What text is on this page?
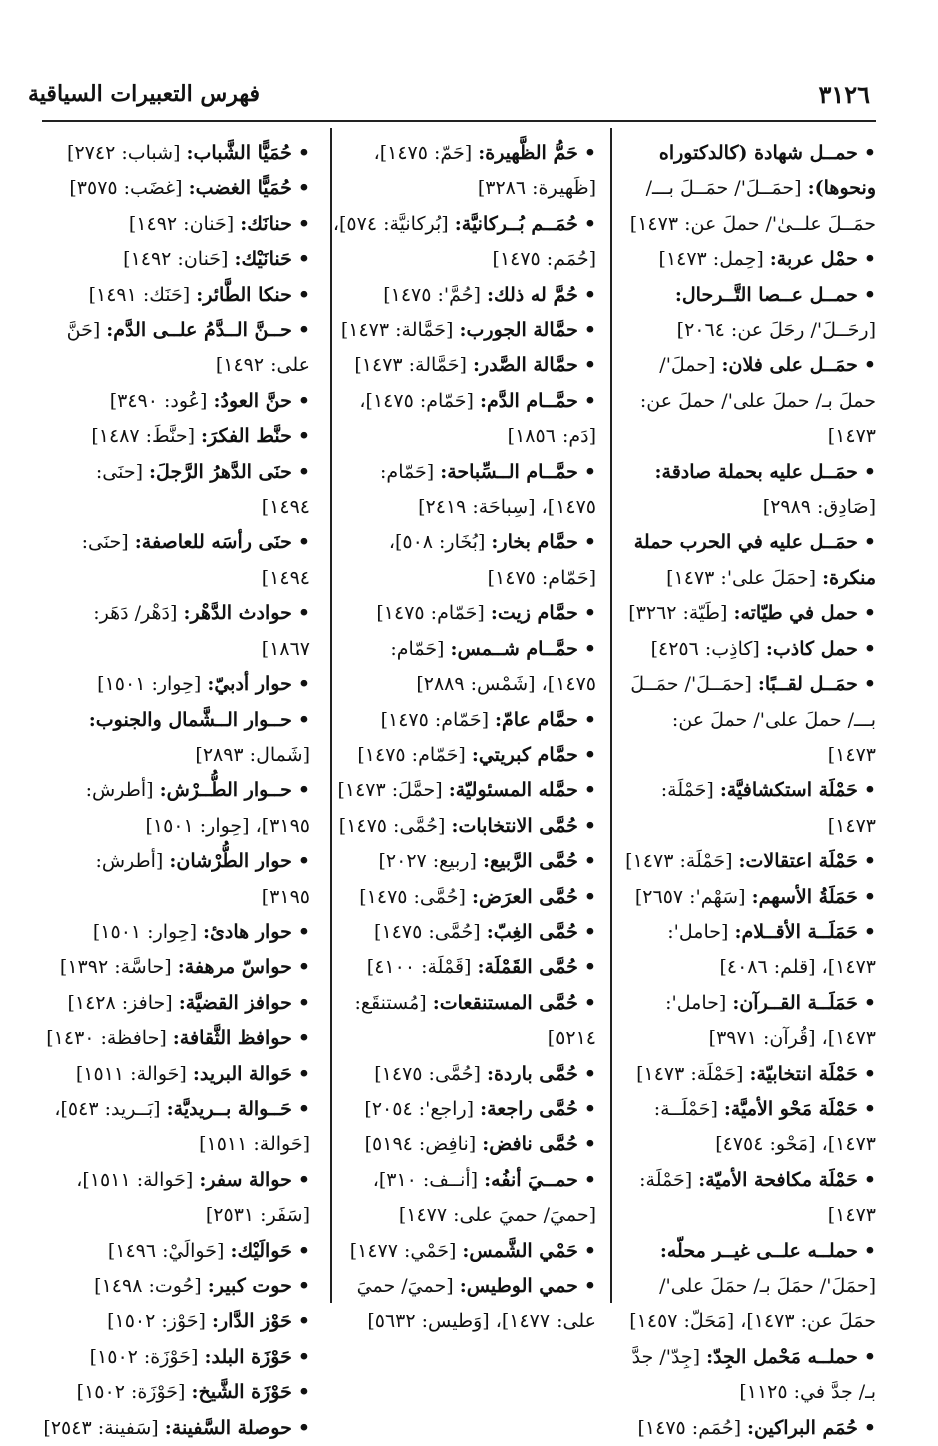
فهرس التعبيرات السياقية	٣١٢٦

•حمــل شهادة (كالدكتوراه ونحوها): [حمَــلَ'/ حمَــلَ بـــ/ حمَــلَ علــىٰ'/ حملَ عن: ١٤٧٣]

•حمْل عربة: [حِمل: ١٤٧٣]

•حمــل عــصا التَّــرحال: [رحَــلَ'/ رحَلَ عن: ٢٠٦٤]

•حمَــل على فلان: [حملَ'/ حملَ بـ/ حملَ على'/ حملَ عن: ١٤٧٣]

•حمَــل عليه بحملة صادقة: [صَادِق: ٢٩٨٩]

•حمَــل عليه في الحرب حملة منكرة: [حمَلَ على': ١٤٧٣]

•حمل في طيّاته: [طَيّة: ٣٢٦٢]

•حمل كاذب: [كاذِب: ٤٢٥٦]

•حمَــل لقــبًا: [حمَــلَ'/ حمَــلَ بـــ/ حملَ على'/ حملَ عن: ١٤٧٣]

•حَمْلَة استكشافيَّة: [حَمْلَة: ١٤٧٣]

•حَمْلَة اعتقالات: [حَمْلَة: ١٤٧٣]

•حَمَلَةُ الأسهم: [سَهْم': ٢٦٥٧]

•حَمَلَــة الأقــلام: [حامل': ١٤٧٣]، [قلم: ٤٠٨٦]

•حَمَلَــة القــرآن: [حامل': ١٤٧٣]، [قُرآن: ٣٩٧١]

•حَمْلَة انتخابيّة: [حَمْلَة: ١٤٧٣]

•حَمْلَة مَحْو الأميَّة: [حَمْلَــة: ١٤٧٣]، [مَحْو: ٤٧٥٤]

•حَمْلَة مكافحة الأميّة: [حَمْلَة: ١٤٧٣]

•حملــه علــى غيــر محلّه: [حمَلَ'/ حمَلَ بـ/ حمَلَ على'/ حمَلَ عن: ١٤٧٣]، [مَحَلّ: ١٤٥٧]

•حملــه مَحْمل الجِدّ: [جِدّ'/ جدَّ بـ/ جدَّ في: ١١٢٥]

•حُمَم البراكين: [حُمَم: ١٤٧٥]

•حَمُّ الظَّهيرة: [حَمّ: ١٤٧٥]، [ظَهيرة: ٣٢٨٦]

•حُمَــم بُــركانيَّة: [بُركانيَّة: ٥٧٤]، [حُمَم: ١٤٧٥]

•حُمَّ له ذلك: [حُمَّ': ١٤٧٥]

•حمَّالة الجورب: [حَمَّالة: ١٤٧٣]

•حمَّالة الصَّدر: [حَمَّالة: ١٤٧٣]

•حمَّــام الدَّم: [حَمّام: ١٤٧٥]، [دَم: ١٨٥٦]

•حمَّــام الــسِّباحة: [حَمّام: ١٤٧٥]، [سِباحَة: ٢٤١٩]

•حمَّام بخار: [بُخَار: ٥٠٨]، [حَمّام: ١٤٧٥]

•حمَّام زيت: [حَمّام: ١٤٧٥]

•حمَّــام شــمس: [حَمّام: ١٤٧٥]، [شَمْس: ٢٨٨٩]

•حمَّام عامّ: [حَمّام: ١٤٧٥]

•حمَّام كبريتي: [حَمّام: ١٤٧٥]

•حمَّله المسئوليّة: [حمَّلَ: ١٤٧٣]

•حُمَّى الانتخابات: [حُمَّى: ١٤٧٥]

•حُمَّى الرَّبيع: [ربيع: ٢٠٢٧]

•حُمَّى العرَض: [حُمَّى: ١٤٧٥]

•حُمَّى الغِبّ: [حُمَّى: ١٤٧٥]

•حُمَّى القَمْلَة: [قَمْلَة: ٤١٠٠]

•حُمَّى المستنقعات: [مُستنقَع: ٥٢١٤]

•حُمَّى باردة: [حُمَّى: ١٤٧٥]

•حُمَّى راجعة: [راجع': ٢٠٥٤]

•حُمَّى نافض: [نافِض: ٥١٩٤]

•حمــيَ أنفُه: [أنــف: ٣١٠]، [حميَ/ حميَ على: ١٤٧٧]

•حَمْي الشَّمس: [حَمْي: ١٤٧٧]

•حمي الوطيس: [حميَ/ حميَ على: ١٤٧٧]، [وَطيس: ٥٦٣٢]

•حُمَيًّا الشَّباب: [شباب: ٢٧٤٢]

•حُمَيًّا الغضب: [غضَب: ٣٥٧٥]

•حنانَك: [حَنان: ١٤٩٢]

•حَنانَيْك: [حَنان: ١٤٩٢]

•حنكا الطَّائر: [حَنَك: ١٤٩١]

•حــنَّ الــدَّمُ علــى الدَّم: [حَنَّ على: ١٤٩٢]

•حنَّ العودُ: [عُود: ٣٤٩٠]

•حنَّط الفكرَ: [حنَّطَ: ١٤٨٧]

•حنَى الدَّهرُ الرَّجلَ: [حنَى: ١٤٩٤]

•حنَى رأسَه للعاصفة: [حنَى: ١٤٩٤]

•حوادث الدَّهْر: [دَهْر/ دَهَر: ١٨٦٧]

•حوار أدبيّ: [حِوار: ١٥٠١]

•حــوار الــشَّمال والجنوب: [شَمال: ٢٨٩٣]

•حــوار الطُّــرْش: [أطرش: ٣١٩٥]، [حِوار: ١٥٠١]

•حوار الطُّرْشان: [أطرش: ٣١٩٥]

•حوار هادئ: [حِوار: ١٥٠١]

•حواسّ مرهفة: [حاسَّة: ١٣٩٢]

•حوافز القضيَّة: [حافز: ١٤٢٨]

•حوافظ الثَّقافة: [حافظة: ١٤٣٠]

•حَوالة البريد: [حَوالة: ١٥١١]

•حَــوالة بــريديَّة: [بَــريد: ٥٤٣]، [حَوالة: ١٥١١]

•حوالة سفر: [حَوالة: ١٥١١]، [سَفَر: ٢٥٣١]

•حَوالَيْك: [حَوالَيْ: ١٤٩٦]

•حوت كبير: [حُوت: ١٤٩٨]

•حَوْز الدَّار: [حَوْز: ١٥٠٢]

•حَوْزَة البلد: [حَوْزَة: ١٥٠٢]

•حَوْزَة الشَّيخ: [حَوْزَة: ١٥٠٢]

•حوصلة السَّفينة: [سَفينة: ٢٥٤٣]
